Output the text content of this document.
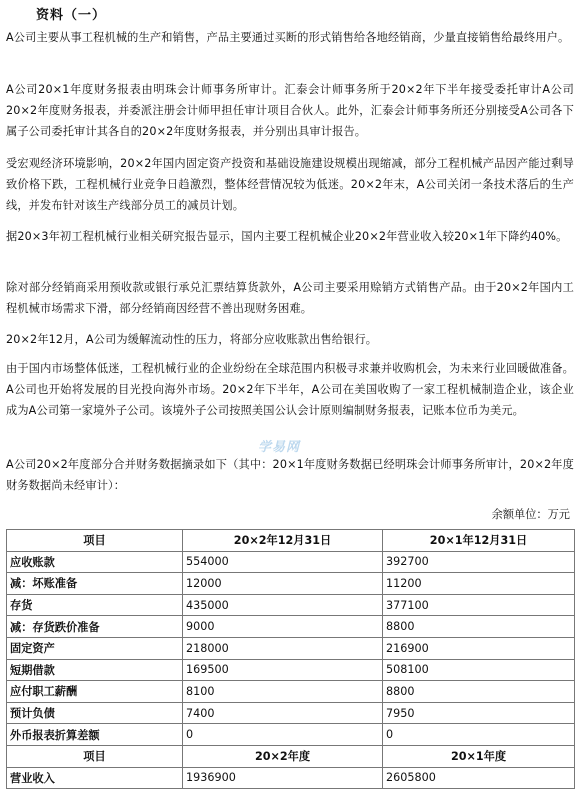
资料（一）
A公司主要从事工程机械的生产和销售，产品主要通过买断的形式销售给各地经销商，少量直接销售给最终用户。
A公司20×1年度财务报表由明珠会计师事务所审计。汇泰会计师事务所于20×2年下半年接受委托审计A公司20×2年度财务报表，并委派注册会计师甲担任审计项目合伙人。此外，汇泰会计师事务所还分别接受A公司各下属子公司委托审计其各自的20×2年度财务报表，并分别出具审计报告。
受宏观经济环境影响，20×2年国内固定资产投资和基础设施建设规模出现缩减，部分工程机械产品因产能过剩导致价格下跌，工程机械行业竞争日趋激烈，整体经营情况较为低迷。20×2年末，A公司关闭一条技术落后的生产线，并发布针对该生产线部分员工的减员计划。
据20×3年初工程机械行业相关研究报告显示，国内主要工程机械企业20×2年营业收入较20×1年下降约40%。
除对部分经销商采用预收款或银行承兑汇票结算货款外，A公司主要采用赊销方式销售产品。由于20×2年国内工程机械市场需求下滑，部分经销商因经营不善出现财务困难。
20×2年12月，A公司为缓解流动性的压力，将部分应收账款出售给银行。
由于国内市场整体低迷，工程机械行业的企业纷纷在全球范围内积极寻求兼并收购机会，为未来行业回暖做准备。A公司也开始将发展的目光投向海外市场。20×2年下半年，A公司在美国收购了一家工程机械制造企业，该企业成为A公司第一家境外子公司。该境外子公司按照美国公认会计原则编制财务报表，记账本位币为美元。
A公司20×2年度部分合并财务数据摘录如下（其中：20×1年度财务数据已经明珠会计师事务所审计，20×2年度财务数据尚未经审计）：
学易网
余额单位：万元
项目	20×2年12月31日	20×1年12月31日
应收账款	554000	392700
减：坏账准备	12000	11200
存货	435000	377100
减：存货跌价准备	9000	8800
固定资产	218000	216900
短期借款	169500	508100
应付职工薪酬	8100	8800
预计负债	7400	7950
外币报表折算差额	0	0
项目	20×2年度	20×1年度
营业收入	1936900	2605800
